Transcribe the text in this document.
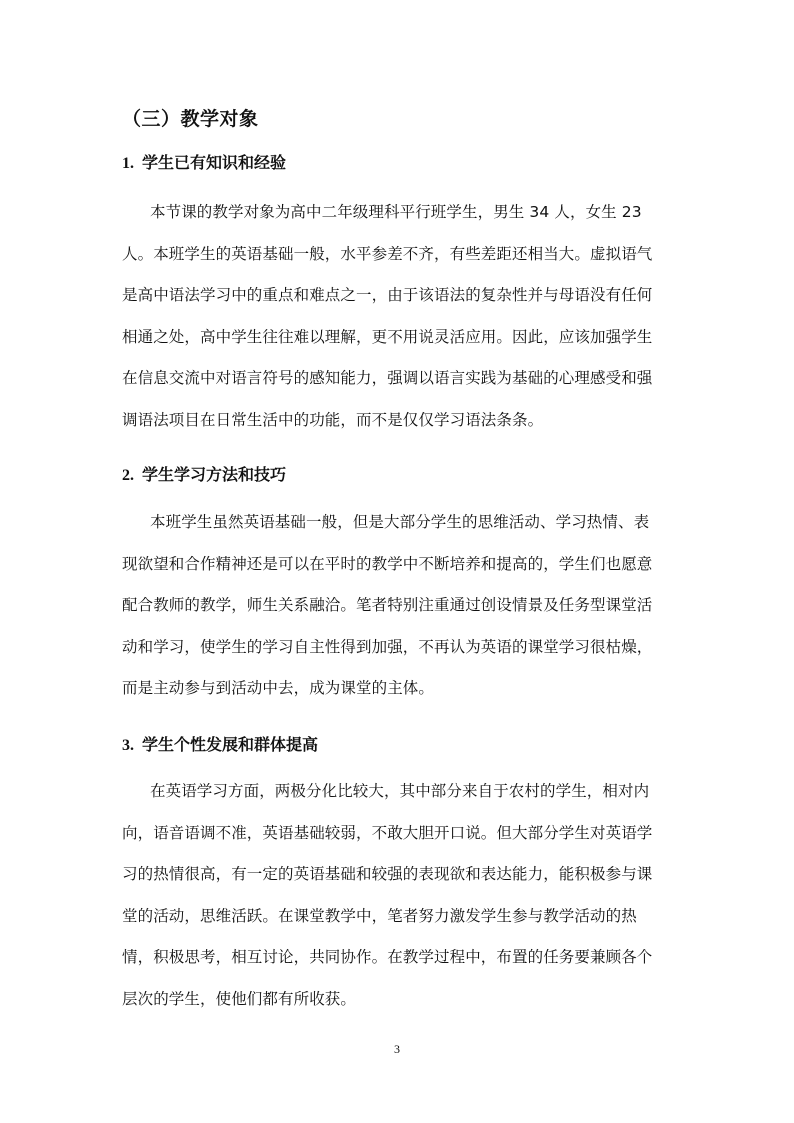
（三）教学对象
1. 学生已有知识和经验
本节课的教学对象为高中二年级理科平行班学生，男生 34 人，女生 23
人。本班学生的英语基础一般，水平参差不齐，有些差距还相当大。虚拟语气
是高中语法学习中的重点和难点之一，由于该语法的复杂性并与母语没有任何
相通之处，高中学生往往难以理解，更不用说灵活应用。因此，应该加强学生
在信息交流中对语言符号的感知能力，强调以语言实践为基础的心理感受和强
调语法项目在日常生活中的功能，而不是仅仅学习语法条条。
2. 学生学习方法和技巧
本班学生虽然英语基础一般，但是大部分学生的思维活动、学习热情、表
现欲望和合作精神还是可以在平时的教学中不断培养和提高的，学生们也愿意
配合教师的教学，师生关系融洽。笔者特别注重通过创设情景及任务型课堂活
动和学习，使学生的学习自主性得到加强，不再认为英语的课堂学习很枯燥，
而是主动参与到活动中去，成为课堂的主体。
3. 学生个性发展和群体提高
在英语学习方面，两极分化比较大，其中部分来自于农村的学生，相对内
向，语音语调不准，英语基础较弱，不敢大胆开口说。但大部分学生对英语学
习的热情很高，有一定的英语基础和较强的表现欲和表达能力，能积极参与课
堂的活动，思维活跃。在课堂教学中，笔者努力激发学生参与教学活动的热
情，积极思考，相互讨论，共同协作。在教学过程中，布置的任务要兼顾各个
层次的学生，使他们都有所收获。
3
